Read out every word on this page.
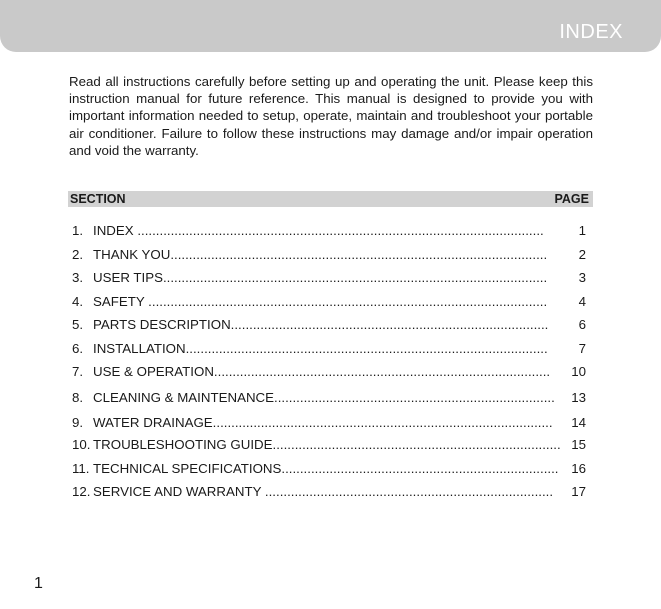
INDEX

Read all instructions carefully before setting up and operating the unit. Please keep this instruction manual for future reference. This manual is designed to provide you with important information needed to setup, operate, maintain and troubleshoot your portable air conditioner. Failure to follow these instructions may damage and/or impair operation and void the warranty.

SECTION	PAGE
1. INDEX ..............................................................................................................	1
2. THANK YOU......................................................................................................	2
3. USER TIPS........................................................................................................	3
4. SAFETY ............................................................................................................	4
5. PARTS DESCRIPTION......................................................................................	6
6. INSTALLATION..................................................................................................	7
7. USE & OPERATION...........................................................................................	10
8. CLEANING & MAINTENANCE............................................................................	13
9. WATER DRAINAGE............................................................................................	14
10. TROUBLESHOOTING GUIDE.............................................................................. 15
11. TECHNICAL SPECIFICATIONS........................................................................... 16
12. SERVICE AND WARRANTY ..............................................................................	17
1
